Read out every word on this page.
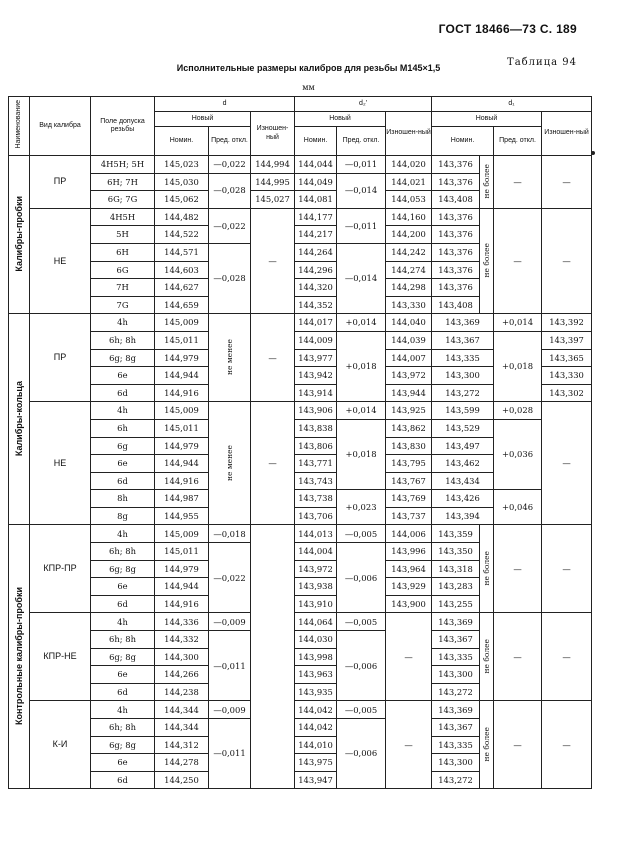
ГОСТ 18466—73 С. 189
Таблица 94
Исполнительные размеры калибров для резьбы М145×1,5
мм
Наименование	Вид калибра	Поле допуска резьбы	d			d₂'			d₁			
			Новый		Изношен-ный	Новый		Изношен-ный	Новый			Изношен-ный
			Номин.	Пред. откл.		Номин.	Пред. откл.		Номин.		Пред. откл.	
Калибры-пробки	ПР	4H5H; 5H	145,023	—0,022	144,994	144,044	—0,011	144,020	143,376	не более	—	—
		6H; 7H	145,030	—0,028	144,995	144,049	—0,014	144,021	143,376			
		6G; 7G	145,062		145,027	144,081		144,053	143,408			
	НЕ	4H5H	144,482	—0,022	—	144,177	—0,011	144,160	143,376	не более	—	—
		5H	144,522			144,217		144,200	143,376			
		6H	144,571	—0,028		144,264	—0,014	144,242	143,376			
		6G	144,603			144,296		144,274	143,376			
		7H	144,627			144,320		144,298	143,376			
		7G	144,659			144,352		143,330	143,408			
Калибры-кольца	ПР	4h	145,009	не менее	—	144,017	+0,014	144,040	143,369		+0,014	143,392
		6h; 8h	145,011			144,009	+0,018	144,039	143,367		+0,018	143,397
		6g; 8g	144,979			143,977		144,007	143,335			143,365
		6e	144,944			143,942		143,972	143,300			143,330
		6d	144,916			143,914		143,944	143,272			143,302
	НЕ	4h	145,009	не менее	—	143,906	+0,014	143,925	143,599		+0,028	—
		6h	145,011			143,838	+0,018	143,862	143,529		+0,036	
		6g	144,979			143,806		143,830	143,497			
		6e	144,944			143,771		143,795	143,462			
		6d	144,916			143,743		143,767	143,434			
		8h	144,987			143,738	+0,023	143,769	143,426		+0,046	
		8g	144,955			143,706		143,737	143,394			
Контрольные калибры-пробки	КПР-ПР	4h	145,009	—0,018		144,013	—0,005	144,006	143,359	не более	—	—
		6h; 8h	145,011	—0,022		144,004	—0,006	143,996	143,350			
		6g; 8g	144,979			143,972		143,964	143,318			
		6e	144,944			143,938		143,929	143,283			
		6d	144,916			143,910		143,900	143,255			
	КПР-НЕ	4h	144,336	—0,009		144,064	—0,005	—	143,369	не более	—	—
		6h; 8h	144,332	—0,011		144,030	—0,006		143,367			
		6g; 8g	144,300			143,998			143,335			
		6e	144,266			143,963			143,300			
		6d	144,238			143,935			143,272			
	К-И	4h	144,344	—0,009		144,042	—0,005	—	143,369	не более	—	—
		6h; 8h	144,344	—0,011		144,042	—0,006		143,367			
		6g; 8g	144,312			144,010			143,335			
		6e	144,278			143,975			143,300			
		6d	144,250			143,947			143,272			
